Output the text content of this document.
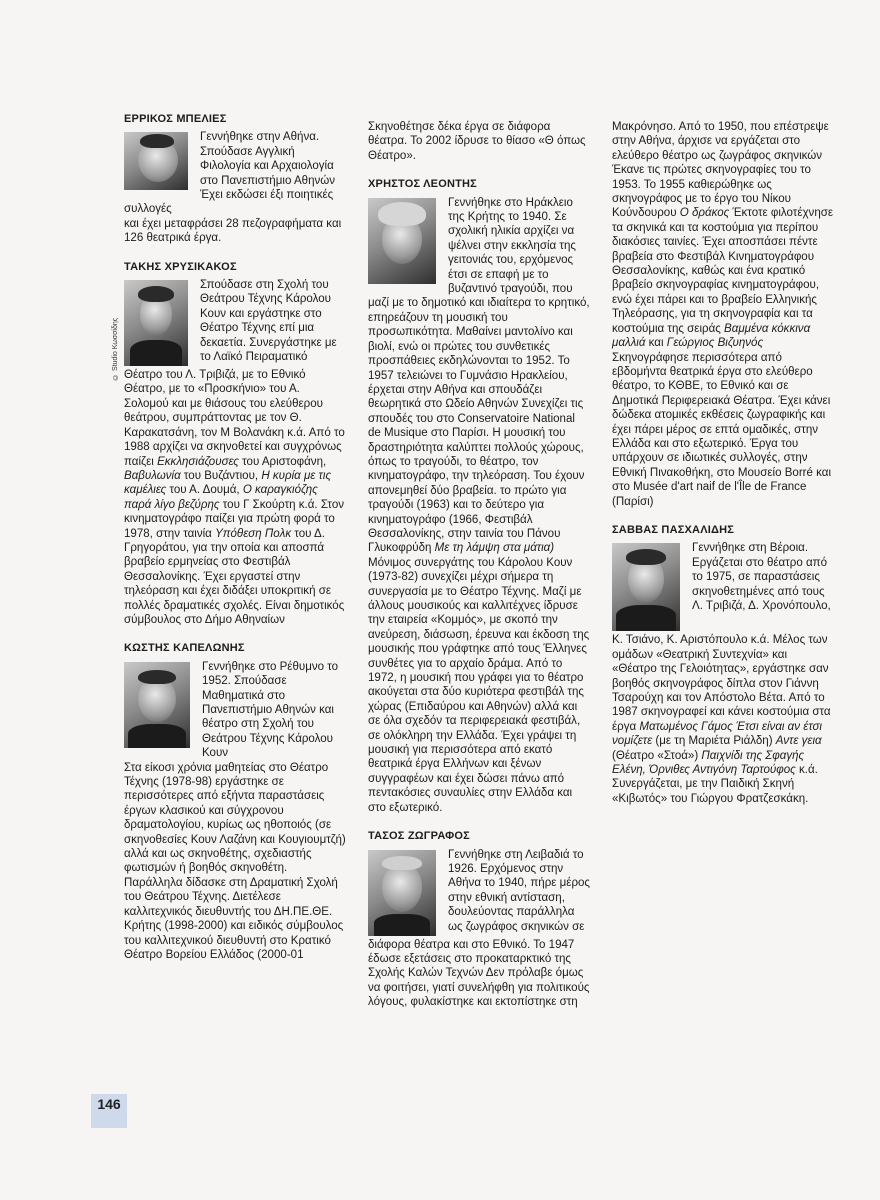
ΕΡΡΙΚΟΣ ΜΠΕΛΙΕΣ

Γεννήθηκε στην Αθήνα. Σπούδασε Αγγλική Φιλολογία και Αρχαιολογία στο Πανεπιστήμιο Αθηνών Έχει εκδώσει έξι ποιητικές συλλογές

και έχει μεταφράσει 28 πεζογραφήματα και 126 θεατρικά έργα.

ΤΑΚΗΣ ΧΡΥΣΙΚΑΚΟΣ

Σπούδασε στη Σχολή του Θεάτρου Τέχνης Κάρολου Κουν και εργάστηκε στο Θέατρο Τέχνης επί μια δεκαετία. Συνεργάστηκε με το Λαϊκό Πειραματικό

Θέατρο του Λ. Τριβιζά, με το Εθνικό Θέατρο, με το «Προσκήνιο» του Α. Σολομού και με θιάσους του ελεύθερου θεάτρου, συμπράττοντας με τον Θ. Καρακατσάνη, τον Μ Βολανάκη κ.ά. Από το 1988 αρχίζει να σκηνοθετεί και συγχρόνως παίζει Εκκλησιάζουσες του Αριστοφάνη, Βαβυλωνία του Βυζάντιου, Η κυρία με τις καμέλιες του Α. Δουμά, Ο καραγκιόζης παρά λίγο βεζύρης του Γ Σκούρτη κ.ά. Στον κινηματογράφο παίζει για πρώτη φορά το 1978, στην ταινία Υπόθεση Πολκ του Δ. Γρηγοράτου, για την οποία και αποσπά βραβείο ερμηνείας στο Φεστιβάλ Θεσσαλονίκης. Έχει εργαστεί στην τηλεόραση και έχει διδάξει υποκριτική σε πολλές δραματικές σχολές. Είναι δημοτικός σύμβουλος στο Δήμο Αθηναίων

ΚΩΣΤΗΣ ΚΑΠΕΛΩΝΗΣ

Γεννήθηκε στο Ρέθυμνο το 1952. Σπούδασε Μαθηματικά στο Πανεπιστήμιο Αθηνών και θέατρο στη Σχολή του Θεάτρου Τέχνης Κάρολου Κουν

Στα είκοσι χρόνια μαθητείας στο Θέατρο Τέχνης (1978-98) εργάστηκε σε περισσότερες από εξήντα παραστάσεις έργων κλασικού και σύγχρονου δραματολογίου, κυρίως ως ηθοποιός (σε σκηνοθεσίες Κουν Λαζάνη και Κουγιουμτζή) αλλά και ως σκηνοθέτης, σχεδιαστής φωτισμών ή βοηθός σκηνοθέτη. Παράλληλα δίδασκε στη Δραματική Σχολή του Θεάτρου Τέχνης. Διετέλεσε καλλιτεχνικός διευθυντής του ΔΗ.ΠΕ.ΘΕ. Κρήτης (1998-2000) και ειδικός σύμβουλος του καλλιτεχνικού διευθυντή στο Κρατικό Θέατρο Βορείου Ελλάδος (2000-01

© Studio Κωσσίδης

Σκηνοθέτησε δέκα έργα σε διάφορα θέατρα. Το 2002 ίδρυσε το θίασο «Θ όπως Θέατρο».

ΧΡΗΣΤΟΣ ΛΕΟΝΤΗΣ

Γεννήθηκε στο Ηράκλειο της Κρήτης το 1940. Σε σχολική ηλικία αρχίζει να ψέλνει στην εκκλησία της γειτονιάς του, ερχόμενος έτσι σε επαφή με το βυζαντινό τραγούδι, που

μαζί με το δημοτικό και ιδιαίτερα το κρητικό, επηρεάζουν τη μουσική του προσωπικότητα. Μαθαίνει μαντολίνο και βιολί, ενώ οι πρώτες του συνθετικές προσπάθειες εκδηλώνονται το 1952. Το 1957 τελειώνει το Γυμνάσιο Ηρακλείου, έρχεται στην Αθήνα και σπουδάζει θεωρητικά στο Ωδείο Αθηνών Συνεχίζει τις σπουδές του στο Conservatoire National de Musique στο Παρίσι. Η μουσική του δραστηριότητα καλύπτει πολλούς χώρους, όπως το τραγούδι, το θέατρο, τον κινηματογράφο, την τηλεόραση. Του έχουν απονεμηθεί δύο βραβεία. το πρώτο για τραγούδι (1963) και το δεύτερο για κινηματογράφο (1966, Φεστιβάλ Θεσσαλονίκης, στην ταινία του Πάνου Γλυκοφρύδη Με τη λάμψη στα μάτια) Μόνιμος συνεργάτης του Κάρολου Κουν (1973-82) συνεχίζει μέχρι σήμερα τη συνεργασία με το Θέατρο Τέχνης. Μαζί με άλλους μουσικούς και καλλιτέχνες ίδρυσε την εταιρεία «Κομμός», με σκοπό την ανεύρεση, διάσωση, έρευνα και έκδοση της μουσικής που γράφτηκε από τους Έλληνες συνθέτες για το αρχαίο δράμα. Από το 1972, η μουσική που γράφει για το θέατρο ακούγεται στα δύο κυριότερα φεστιβάλ της χώρας (Επιδαύρου και Αθηνών) αλλά και σε όλα σχεδόν τα περιφερειακά φεστιβάλ, σε ολόκληρη την Ελλάδα. Έχει γράψει τη μουσική για περισσότερα από εκατό θεατρικά έργα Ελλήνων και ξένων συγγραφέων και έχει δώσει πάνω από πεντακόσιες συναυλίες στην Ελλάδα και στο εξωτερικό.

ΤΑΣΟΣ ΖΩΓΡΑΦΟΣ

Γεννήθηκε στη Λειβαδιά το 1926. Ερχόμενος στην Αθήνα το 1940, πήρε μέρος στην εθνική αντίσταση, δουλεύοντας παράλληλα ως ζωγράφος σκηνικών σε

διάφορα θέατρα και στο Εθνικό. Το 1947 έδωσε εξετάσεις στο προκαταρκτικό της Σχολής Καλών Τεχνών Δεν πρόλαβε όμως να φοιτήσει, γιατί συνελήφθη για πολιτικούς λόγους, φυλακίστηκε και εκτοπίστηκε στη

Μακρόνησο. Από το 1950, που επέστρεψε στην Αθήνα, άρχισε να εργάζεται στο ελεύθερο θέατρο ως ζωγράφος σκηνικών Έκανε τις πρώτες σκηνογραφίες του το 1953. Το 1955 καθιερώθηκε ως σκηνογράφος με το έργο του Νίκου Κούνδουρου Ο δράκος Έκτοτε φιλοτέχνησε τα σκηνικά και τα κοστούμια για περίπου διακόσιες ταινίες. Έχει αποσπάσει πέντε βραβεία στο Φεστιβάλ Κινηματογράφου Θεσσαλονίκης, καθώς και ένα κρατικό βραβείο σκηνογραφίας κινηματογράφου, ενώ έχει πάρει και το βραβείο Ελληνικής Τηλεόρασης, για τη σκηνογραφία και τα κοστούμια της σειράς Βαμμένα κόκκινα μαλλιά και Γεώργιος Βιζυηνός Σκηνογράφησε περισσότερα από εβδομήντα θεατρικά έργα στο ελεύθερο θέατρο, το ΚΘΒΕ, το Εθνικό και σε Δημοτικά Περιφερειακά Θέατρα. Έχει κάνει δώδεκα ατομικές εκθέσεις ζωγραφικής και έχει πάρει μέρος σε επτά ομαδικές, στην Ελλάδα και στο εξωτερικό. Έργα του υπάρχουν σε ιδιωτικές συλλογές, στην Εθνική Πινακοθήκη, στο Μουσείο Borré και στο Musée d'art naif de l'Île de France (Παρίσι)

ΣΑΒΒΑΣ ΠΑΣΧΑΛΙΔΗΣ

Γεννήθηκε στη Βέροια. Εργάζεται στο θέατρο από το 1975, σε παραστάσεις σκηνοθετημένες από τους Λ. Τριβιζά, Δ. Χρονόπουλο,

Κ. Τσιάνο, Κ. Αριστόπουλο κ.ά. Μέλος των ομάδων «Θεατρική Συντεχνία» και «Θέατρο της Γελοιότητας», εργάστηκε σαν βοηθός σκηνογράφος δίπλα στον Γιάννη Τσαρούχη και τον Απόστολο Βέτα. Από το 1987 σκηνογραφεί και κάνει κοστούμια στα έργα Ματωμένος Γάμος Έτσι είναι αν έτσι νομίζετε (με τη Μαριέτα Ριάλδη) Αντε γεια (Θέατρο «Στοά») Παιχνίδι της Σφαγής Ελένη, Όρνιθες Αντιγόνη Ταρτούφος κ.ά. Συνεργάζεται, με την Παιδική Σκηνή «Κιβωτός» του Γιώργου Φρατζεσκάκη.

146
